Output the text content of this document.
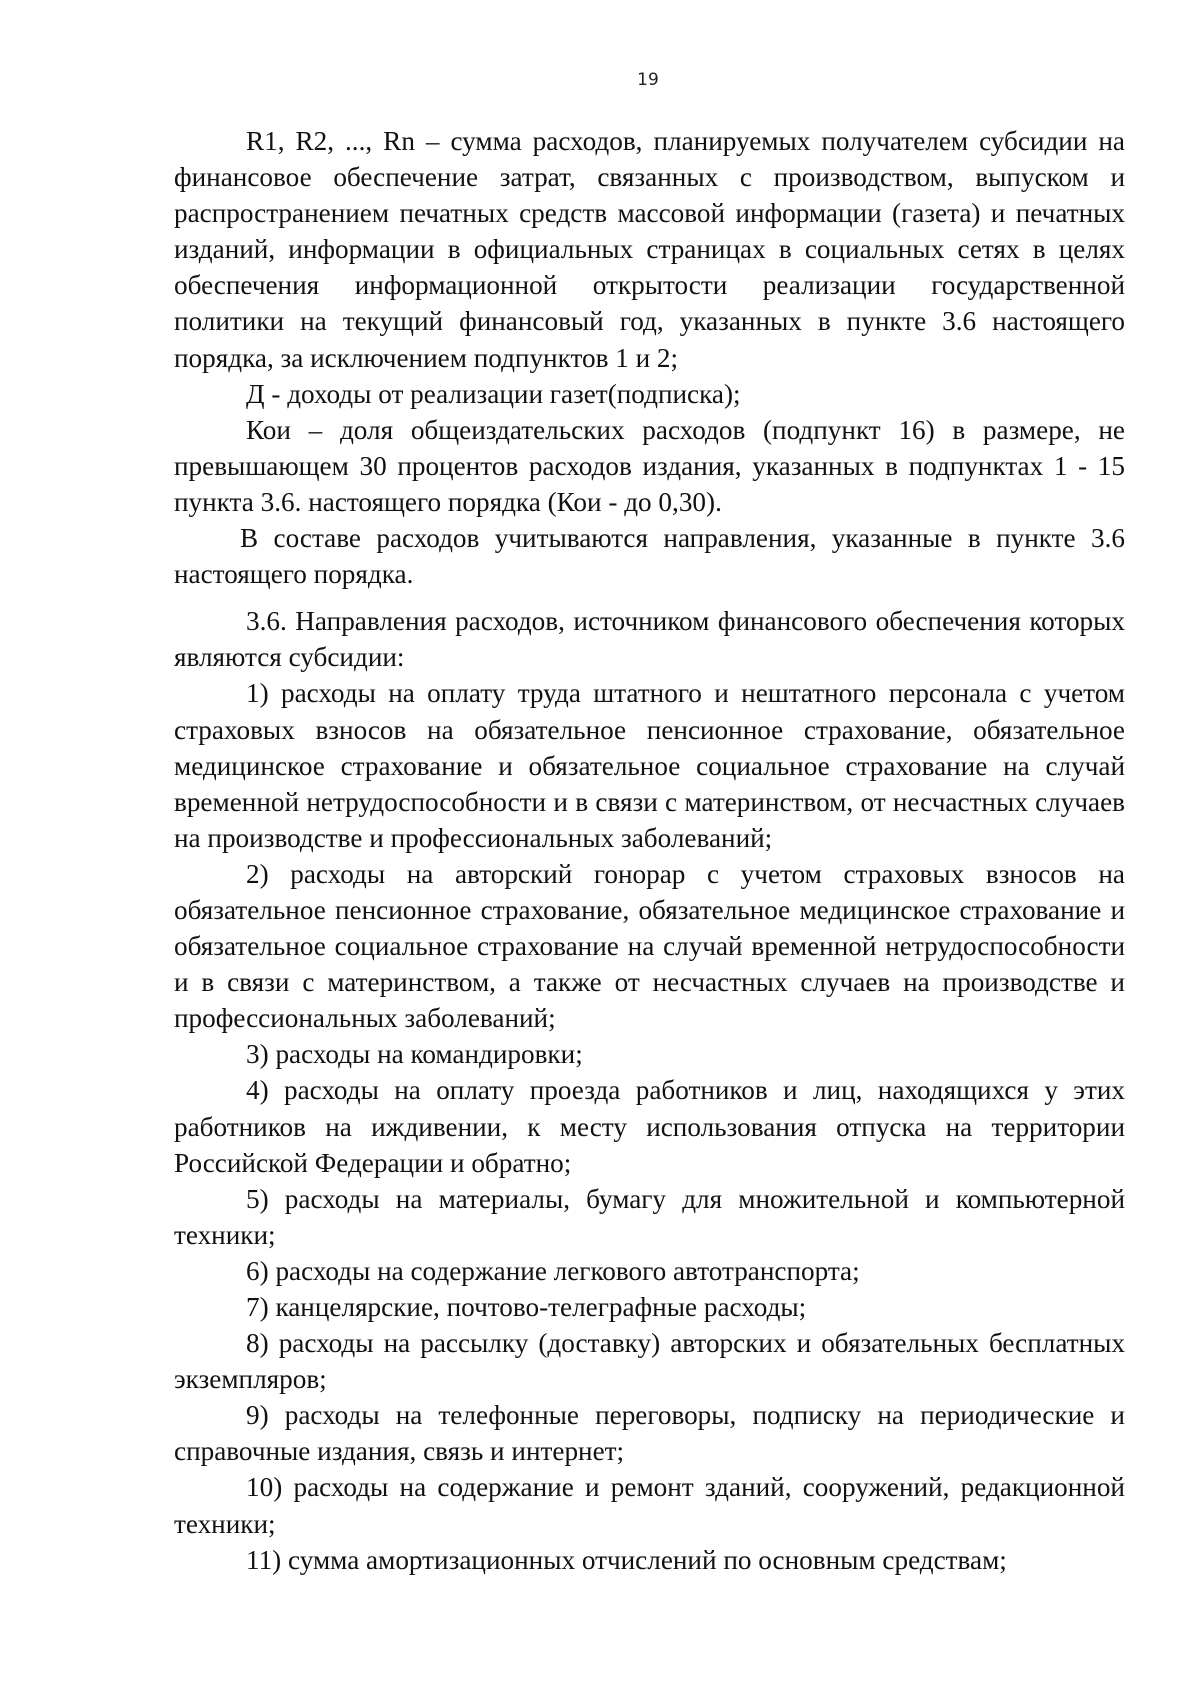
19

R1, R2, ..., Rn – сумма расходов, планируемых получателем субсидии на финансовое обеспечение затрат, связанных с производством, выпуском и распространением печатных средств массовой информации (газета) и печатных изданий, информации в официальных страницах в социальных сетях в целях обеспечения информационной открытости реализации государственной политики на текущий финансовый год, указанных в пункте 3.6 настоящего порядка, за исключением подпунктов 1 и 2;

Д - доходы от реализации газет(подписка);

Кои – доля общеиздательских расходов (подпункт 16) в размере, не превышающем 30 процентов расходов издания, указанных в подпунктах 1 - 15 пункта 3.6. настоящего порядка (Кои - до 0,30).

В составе расходов учитываются направления, указанные в пункте 3.6 настоящего порядка.

3.6. Направления расходов, источником финансового обеспечения которых являются субсидии:

1) расходы на оплату труда штатного и нештатного персонала с учетом страховых взносов на обязательное пенсионное страхование, обязательное медицинское страхование и обязательное социальное страхование на случай временной нетрудоспособности и в связи с материнством, от несчастных случаев на производстве и профессиональных заболеваний;

2) расходы на авторский гонорар с учетом страховых взносов на обязательное пенсионное страхование, обязательное медицинское страхование и обязательное социальное страхование на случай временной нетрудоспособности и в связи с материнством, а также от несчастных случаев на производстве и профессиональных заболеваний;

3) расходы на командировки;

4) расходы на оплату проезда работников и лиц, находящихся у этих работников на иждивении, к месту использования отпуска на территории Российской Федерации и обратно;

5) расходы на материалы, бумагу для множительной и компьютерной техники;

6) расходы на содержание легкового автотранспорта;

7) канцелярские, почтово-телеграфные расходы;

8) расходы на рассылку (доставку) авторских и обязательных бесплатных экземпляров;

9) расходы на телефонные переговоры, подписку на периодические и справочные издания, связь и интернет;

10) расходы на содержание и ремонт зданий, сооружений, редакционной техники;

11) сумма амортизационных отчислений по основным средствам;
